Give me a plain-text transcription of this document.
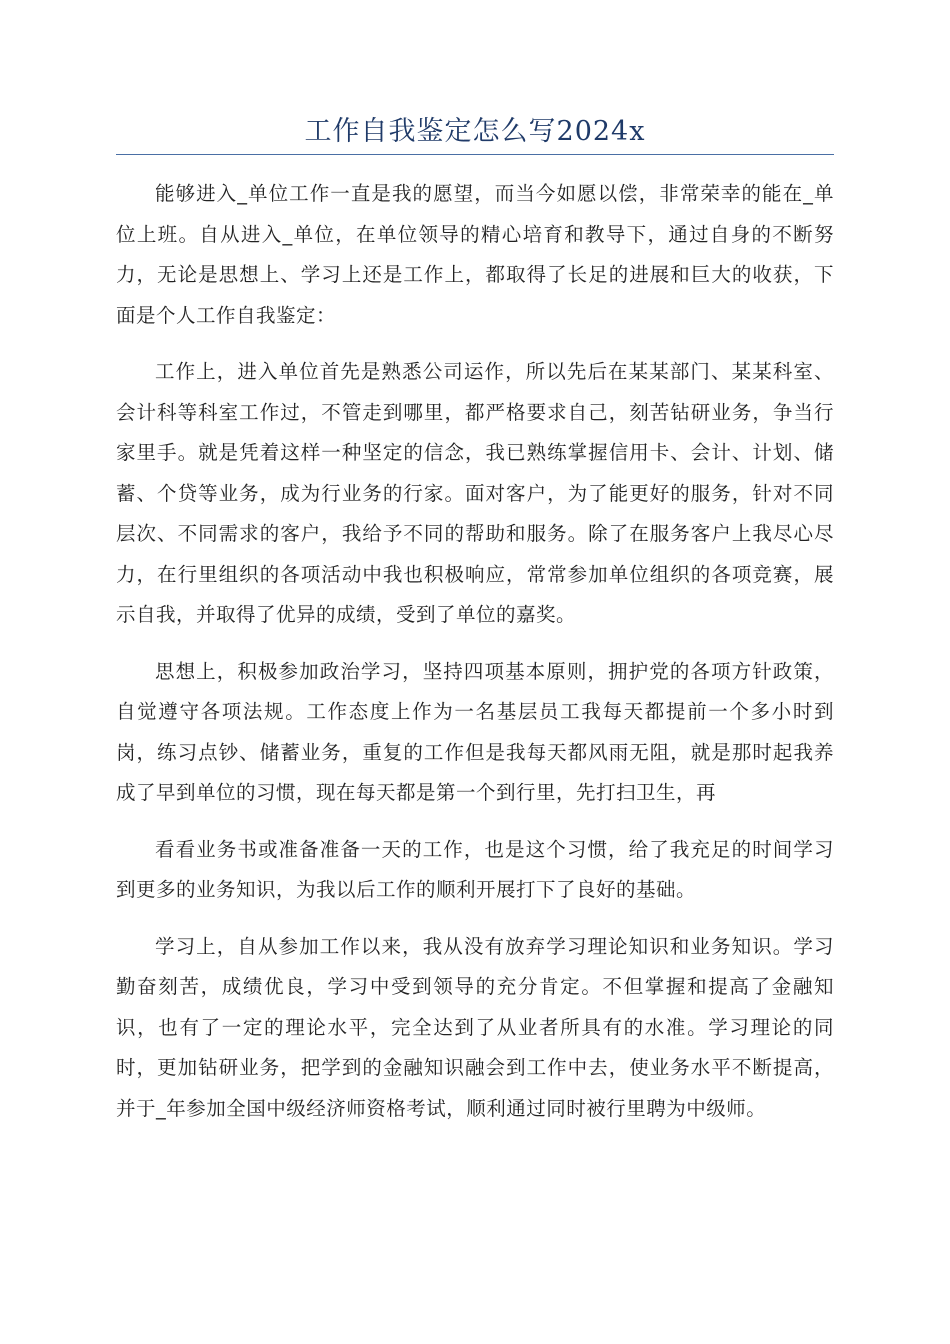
工作自我鉴定怎么写2024x

能够进入_单位工作一直是我的愿望，而当今如愿以偿，非常荣幸的能在_单位上班。自从进入_单位，在单位领导的精心培育和教导下，通过自身的不断努力，无论是思想上、学习上还是工作上，都取得了长足的进展和巨大的收获，下面是个人工作自我鉴定：

工作上，进入单位首先是熟悉公司运作，所以先后在某某部门、某某科室、会计科等科室工作过，不管走到哪里，都严格要求自己，刻苦钻研业务，争当行家里手。就是凭着这样一种坚定的信念，我已熟练掌握信用卡、会计、计划、储蓄、个贷等业务，成为行业务的行家。面对客户，为了能更好的服务，针对不同层次、不同需求的客户，我给予不同的帮助和服务。除了在服务客户上我尽心尽力，在行里组织的各项活动中我也积极响应，常常参加单位组织的各项竞赛，展示自我，并取得了优异的成绩，受到了单位的嘉奖。

思想上，积极参加政治学习，坚持四项基本原则，拥护党的各项方针政策，自觉遵守各项法规。工作态度上作为一名基层员工我每天都提前一个多小时到岗，练习点钞、储蓄业务，重复的工作但是我每天都风雨无阻，就是那时起我养成了早到单位的习惯，现在每天都是第一个到行里，先打扫卫生，再

看看业务书或准备准备一天的工作，也是这个习惯，给了我充足的时间学习到更多的业务知识，为我以后工作的顺利开展打下了良好的基础。

学习上，自从参加工作以来，我从没有放弃学习理论知识和业务知识。学习勤奋刻苦，成绩优良，学习中受到领导的充分肯定。不但掌握和提高了金融知识，也有了一定的理论水平，完全达到了从业者所具有的水准。学习理论的同时，更加钻研业务，把学到的金融知识融会到工作中去，使业务水平不断提高，并于_年参加全国中级经济师资格考试，顺利通过同时被行里聘为中级师。
